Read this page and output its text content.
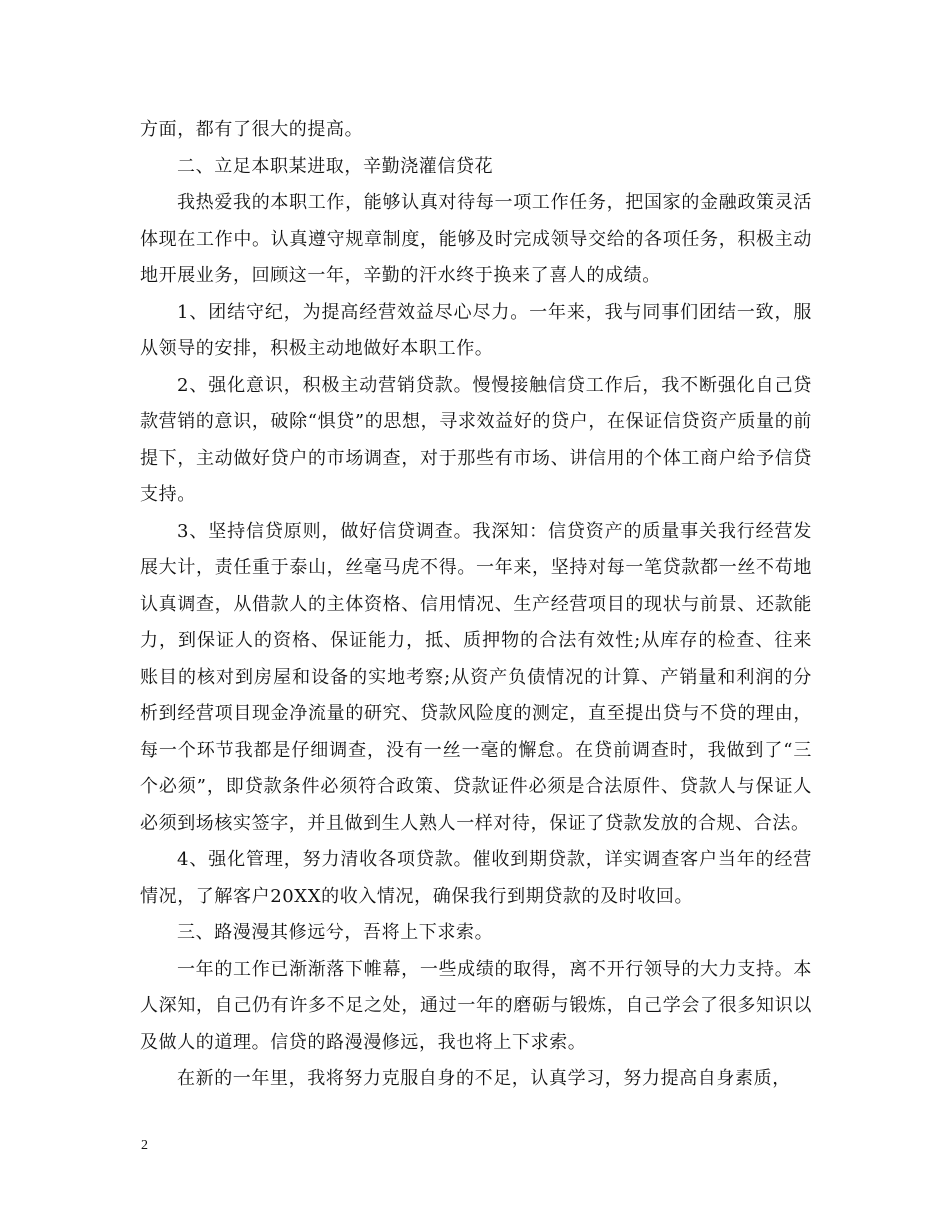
方面，都有了很大的提高。

二、立足本职某进取，辛勤浇灌信贷花

我热爱我的本职工作，能够认真对待每一项工作任务，把国家的金融政策灵活体现在工作中。认真遵守规章制度，能够及时完成领导交给的各项任务，积极主动地开展业务，回顾这一年，辛勤的汗水终于换来了喜人的成绩。

1、团结守纪，为提高经营效益尽心尽力。一年来，我与同事们团结一致，服从领导的安排，积极主动地做好本职工作。

2、强化意识，积极主动营销贷款。慢慢接触信贷工作后，我不断强化自己贷款营销的意识，破除“惧贷”的思想，寻求效益好的贷户，在保证信贷资产质量的前提下，主动做好贷户的市场调查，对于那些有市场、讲信用的个体工商户给予信贷支持。

3、坚持信贷原则，做好信贷调查。我深知：信贷资产的质量事关我行经营发展大计，责任重于泰山，丝毫马虎不得。一年来，坚持对每一笔贷款都一丝不苟地认真调查，从借款人的主体资格、信用情况、生产经营项目的现状与前景、还款能力，到保证人的资格、保证能力，抵、质押物的合法有效性;从库存的检查、往来账目的核对到房屋和设备的实地考察;从资产负债情况的计算、产销量和利润的分析到经营项目现金净流量的研究、贷款风险度的测定，直至提出贷与不贷的理由，每一个环节我都是仔细调查，没有一丝一毫的懈怠。在贷前调查时，我做到了“三个必须”，即贷款条件必须符合政策、贷款证件必须是合法原件、贷款人与保证人必须到场核实签字，并且做到生人熟人一样对待，保证了贷款发放的合规、合法。

4、强化管理，努力清收各项贷款。催收到期贷款，详实调查客户当年的经营情况，了解客户20XX的收入情况，确保我行到期贷款的及时收回。

三、路漫漫其修远兮，吾将上下求索。

一年的工作已渐渐落下帷幕，一些成绩的取得，离不开行领导的大力支持。本人深知，自己仍有许多不足之处，通过一年的磨砺与锻炼，自己学会了很多知识以及做人的道理。信贷的路漫漫修远，我也将上下求索。

在新的一年里，我将努力克服自身的不足，认真学习，努力提高自身素质，

2
